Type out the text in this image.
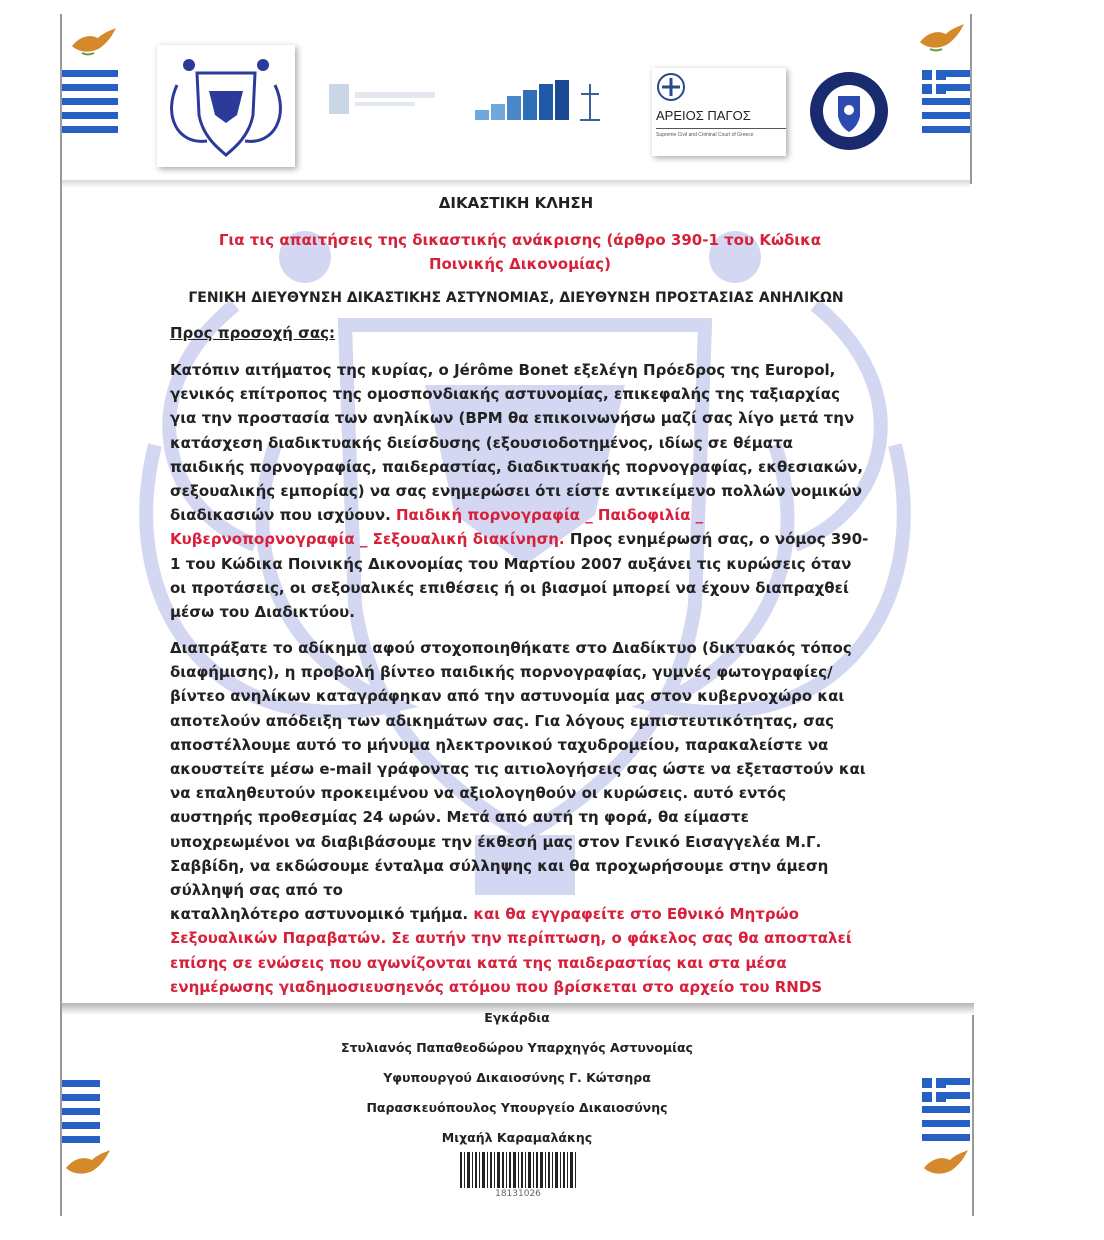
ΑΡΕΙΟΣ ΠΑΓΟΣ
Supreme Civil and Criminal Court of Greece
ΔΙΚΑΣΤΙΚΗ ΚΛΗΣΗ
Για τις απαιτήσεις της δικαστικής ανάκρισης (άρθρο 390-1 του Κώδικα Ποινικής Δικονομίας)
ΓΕΝΙΚΗ ΔΙΕΥΘΥΝΣΗ ΔΙΚΑΣΤΙΚΗΣ ΑΣΤΥΝΟΜΙΑΣ, ΔΙΕΥΘΥΝΣΗ ΠΡΟΣΤΑΣΙΑΣ ΑΝΗΛΙΚΩΝ
Προς προσοχή σας:
Κατόπιν αιτήματος της κυρίας, ο Jérôme Bonet εξελέγη Πρόεδρος της Europol, γενικός επίτροπος της ομοσπονδιακής αστυνομίας, επικεφαλής της ταξιαρχίας για την προστασία των ανηλίκων (BPM θα επικοινωνήσω μαζί σας λίγο μετά την κατάσχεση διαδικτυακής διείσδυσης (εξουσιοδοτημένος, ιδίως σε θέματα παιδικής πορνογραφίας, παιδεραστίας, διαδικτυακής πορνογραφίας, εκθεσιακών, σεξουαλικής εμπορίας) να σας ενημερώσει ότι είστε αντικείμενο πολλών νομικών διαδικασιών που ισχύουν. Παιδική πορνογραφία _ Παιδοφιλία _ Κυβερνοπορνογραφία _ Σεξουαλική διακίνηση. Προς ενημέρωσή σας, ο νόμος 390-1 του Κώδικα Ποινικής Δικονομίας του Μαρτίου 2007 αυξάνει τις κυρώσεις όταν οι προτάσεις, οι σεξουαλικές επιθέσεις ή οι βιασμοί μπορεί να έχουν διαπραχθεί μέσω του Διαδικτύου.
Διαπράξατε το αδίκημα αφού στοχοποιηθήκατε στο Διαδίκτυο (δικτυακός τόπος διαφήμισης), η προβολή βίντεο παιδικής πορνογραφίας, γυμνές φωτογραφίες/βίντεο ανηλίκων καταγράφηκαν από την αστυνομία μας στον κυβερνοχώρο και αποτελούν απόδειξη των αδικημάτων σας. Για λόγους εμπιστευτικότητας, σας αποστέλλουμε αυτό το μήνυμα ηλεκτρονικού ταχυδρομείου, παρακαλείστε να ακουστείτε μέσω e-mail γράφοντας τις αιτιολογήσεις σας ώστε να εξεταστούν και να επαληθευτούν προκειμένου να αξιολογηθούν οι κυρώσεις. αυτό εντός αυστηρής προθεσμίας 24 ωρών. Μετά από αυτή τη φορά, θα είμαστε υποχρεωμένοι να διαβιβάσουμε την έκθεσή μας στον Γενικό Εισαγγελέα Μ.Γ. Σαββίδη, να εκδώσουμε ένταλμα σύλληψης και θα προχωρήσουμε στην άμεση σύλληψή σας από το
καταλληλότερο αστυνομικό τμήμα. και θα εγγραφείτε στο Εθνικό Μητρώο Σεξουαλικών Παραβατών. Σε αυτήν την περίπτωση, ο φάκελος σας θα αποσταλεί επίσης σε ενώσεις που αγωνίζονται κατά της παιδεραστίας και στα μέσα ενημέρωσης γιαδημοσιευσηενός ατόμου που βρίσκεται στο αρχείο του RNDS
Εγκάρδια
Στυλιανός Παπαθεοδώρου Υπαρχηγός Αστυνομίας
Υφυπουργού Δικαιοσύνης Γ. Κώτσηρα
Παρασκευόπουλος Υπουργείο Δικαιοσύνης
Μιχαήλ Καραμαλάκης
18131026
